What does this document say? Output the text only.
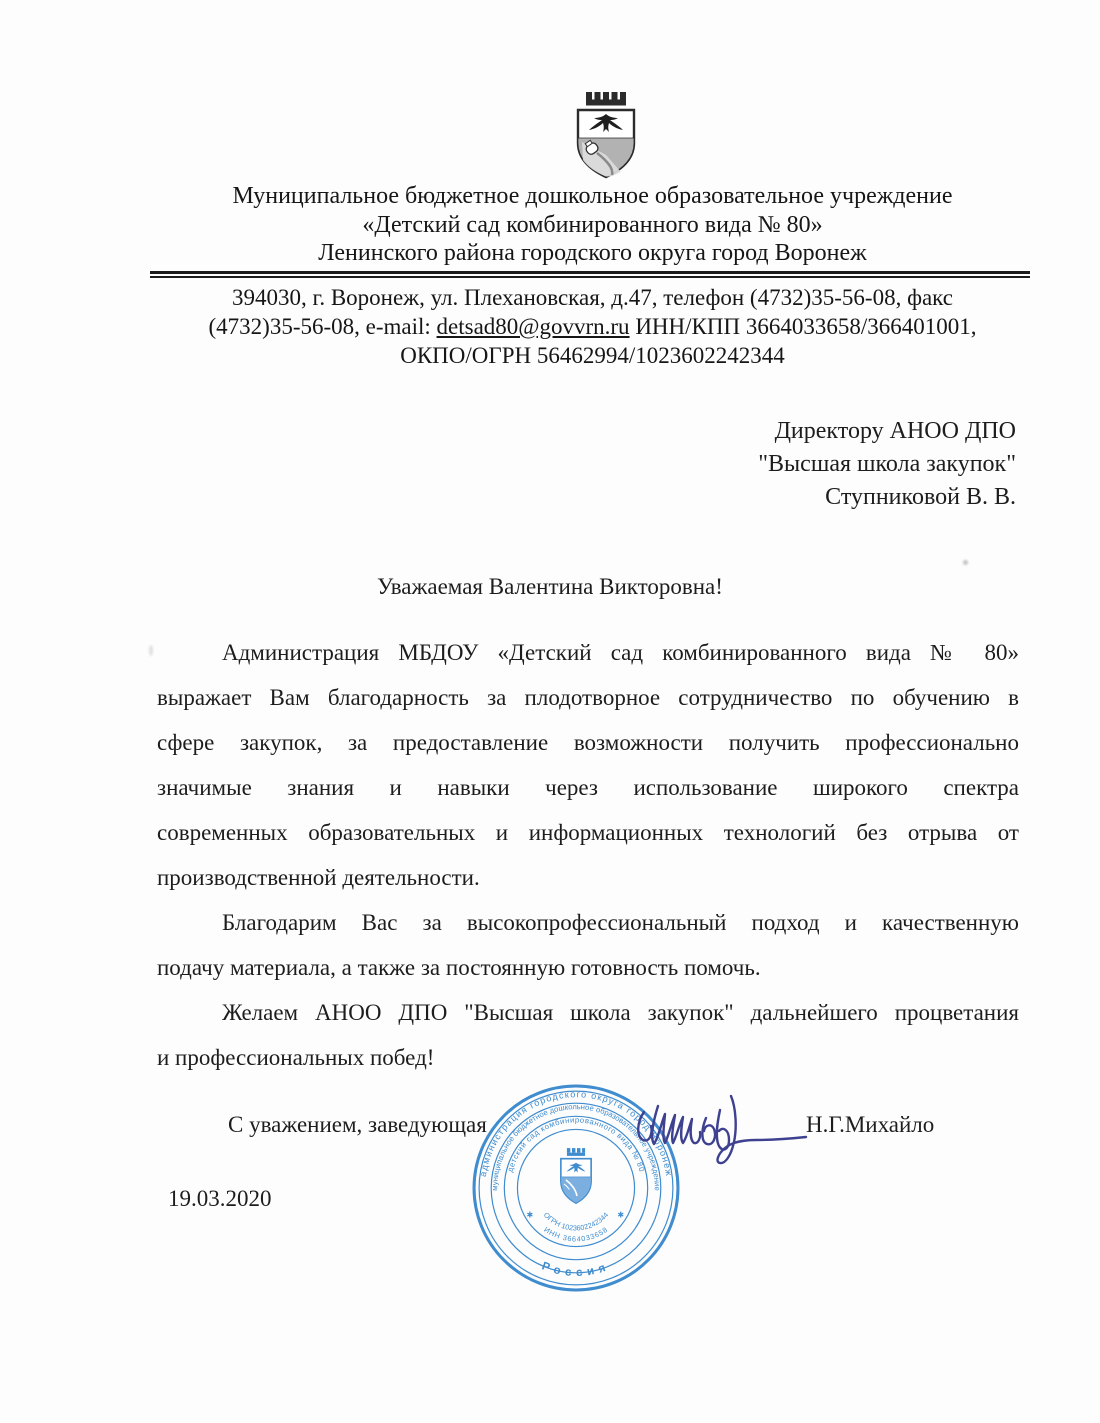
Муниципальное бюджетное дошкольное образовательное учреждение
«Детский сад комбинированного вида № 80»
Ленинского района городского округа город Воронеж
394030, г. Воронеж, ул. Плехановская, д.47, телефон (4732)35-56-08, факс
(4732)35-56-08, e-mail: detsad80@govvrn.ru ИНН/КПП 3664033658/366401001,
ОКПО/ОГРН 56462994/1023602242344
Директору АНОО ДПО
"Высшая школа закупок"
Ступниковой В. В.
Уважаемая Валентина Викторовна!
Администрация МБДОУ «Детский сад комбинированного вида № 80»
выражает Вам благодарность за плодотворное сотрудничество по обучению в
сфере закупок, за предоставление возможности получить профессионально
значимые знания и навыки через использование широкого спектра
современных образовательных и информационных технологий без отрыва от
производственной деятельности.
Благодарим Вас за высокопрофессиональный подход и качественную
подачу материала, а также за постоянную готовность помочь.
Желаем АНОО ДПО "Высшая школа закупок" дальнейшего процветания
и профессиональных побед!
С уважением, заведующая	Н.Г.Михайло
19.03.2020
администрация городского округа город Воронеж
муниципальное бюджетное дошкольное образовательное учреждение
детский сад комбинированного вида № 80
Россия
ОГРН 1023602242344
ИНН 3664033658
✱
✱
